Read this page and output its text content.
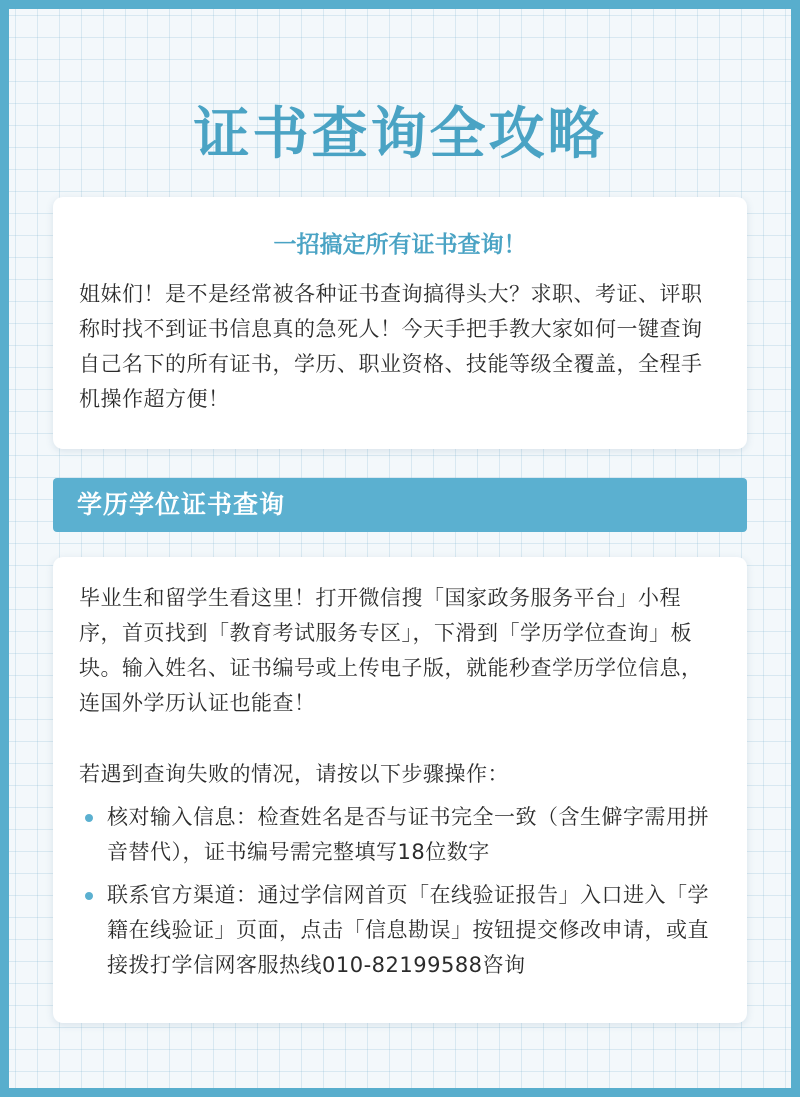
证书查询全攻略

一招搞定所有证书查询！

姐妹们！是不是经常被各种证书查询搞得头大？求职、考证、评职称时找不到证书信息真的急死人！今天手把手教大家如何一键查询自己名下的所有证书，学历、职业资格、技能等级全覆盖，全程手机操作超方便！

学历学位证书查询

毕业生和留学生看这里！打开微信搜「国家政务服务平台」小程序，首页找到「教育考试服务专区」，下滑到「学历学位查询」板块。输入姓名、证书编号或上传电子版，就能秒查学历学位信息，连国外学历认证也能查！

若遇到查询失败的情况，请按以下步骤操作：

核对输入信息：检查姓名是否与证书完全一致（含生僻字需用拼音替代），证书编号需完整填写18位数字
联系官方渠道：通过学信网首页「在线验证报告」入口进入「学籍在线验证」页面，点击「信息勘误」按钮提交修改申请，或直接拨打学信网客服热线010-82199588咨询
